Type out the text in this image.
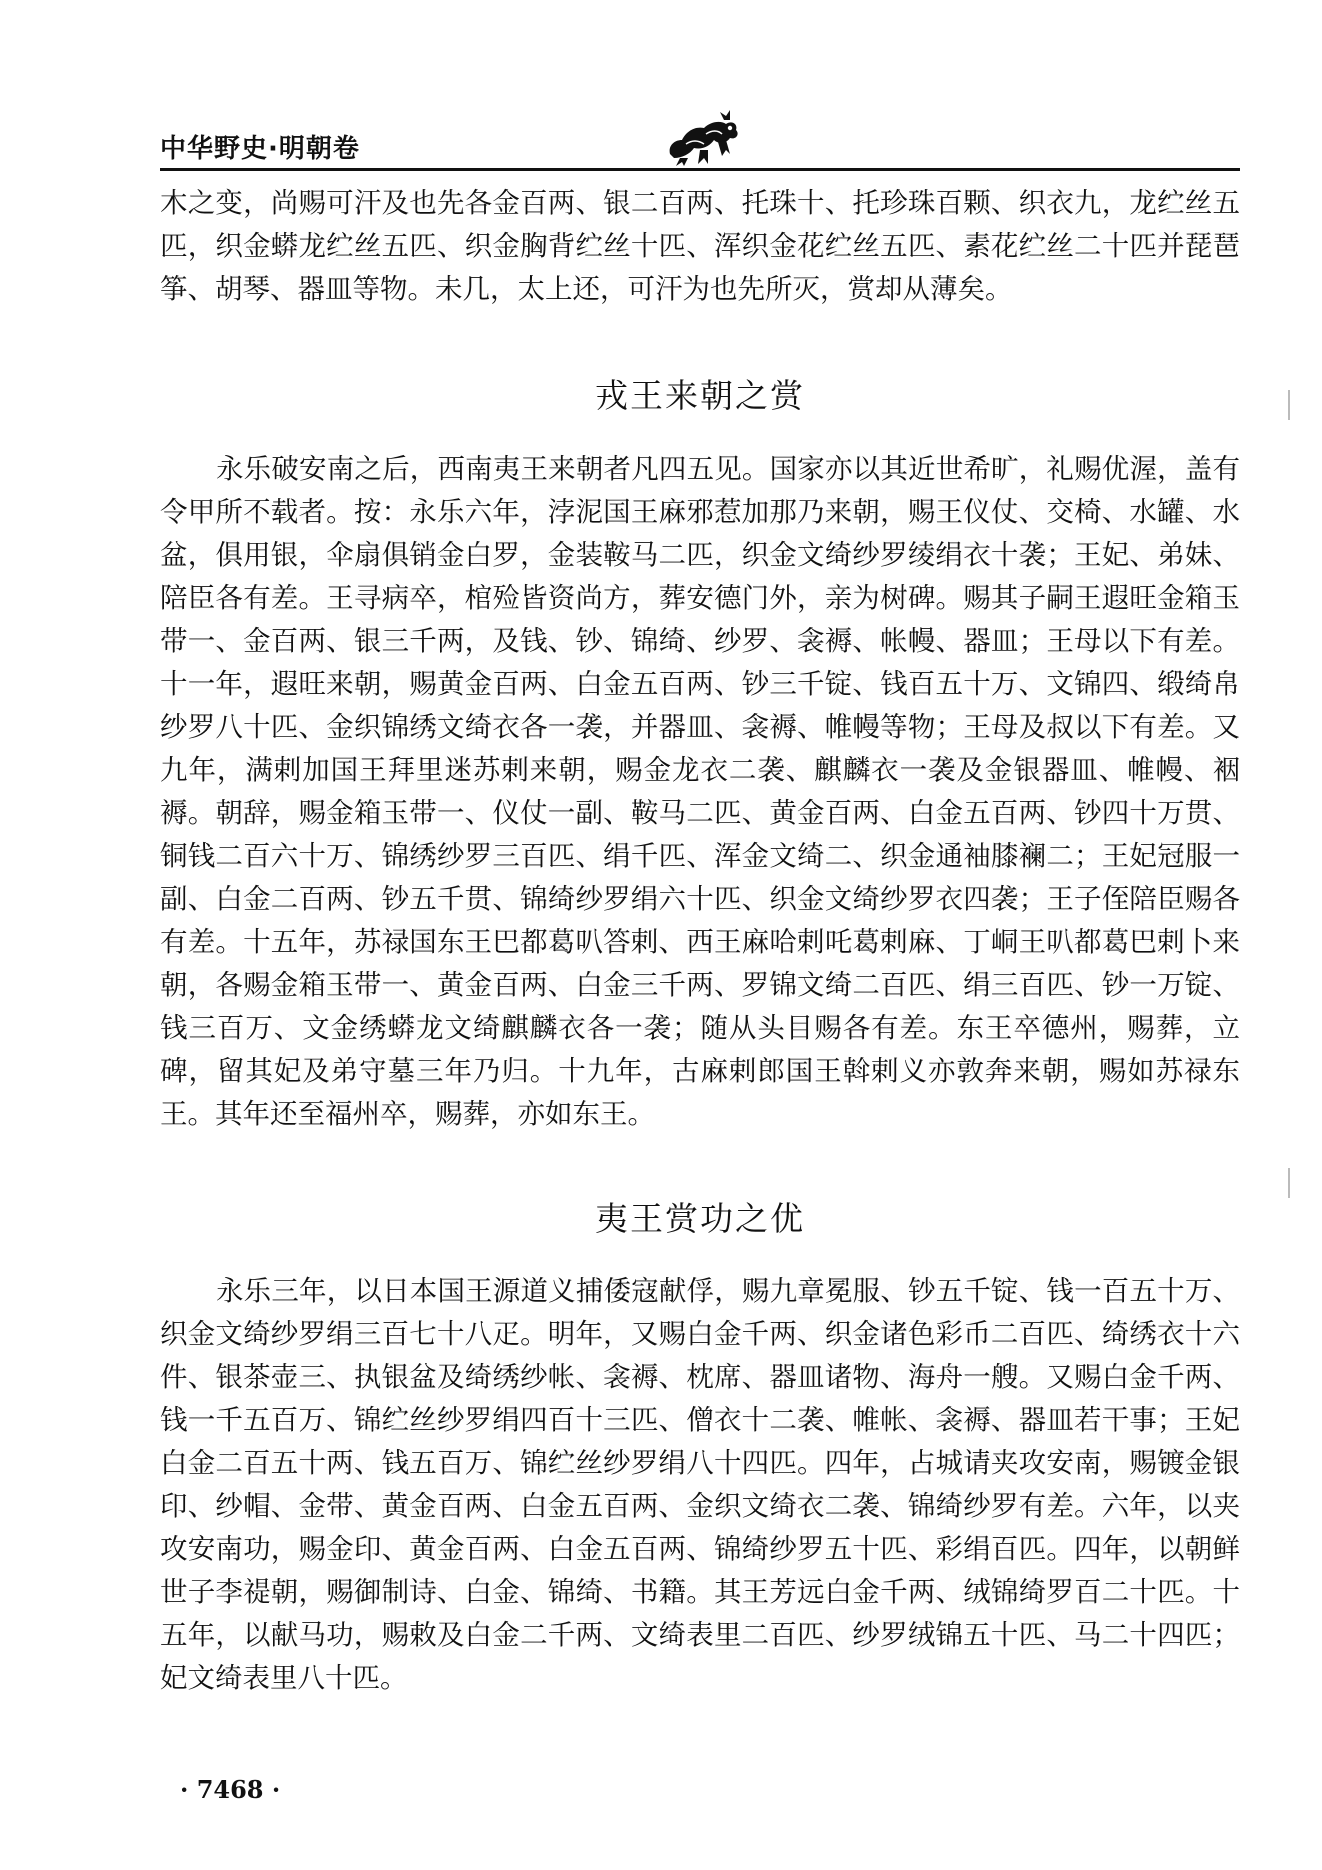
中华野史·明朝卷
木之变，尚赐可汗及也先各金百两、银二百两、托珠十、托珍珠百颗、织衣九，龙纻丝五匹，织金蟒龙纻丝五匹、织金胸背纻丝十匹、浑织金花纻丝五匹、素花纻丝二十匹并琵琶筝、胡琴、器皿等物。未几，太上还，可汗为也先所灭，赏却从薄矣。
戎王来朝之赏
永乐破安南之后，西南夷王来朝者凡四五见。国家亦以其近世希旷，礼赐优渥，盖有令甲所不载者。按：永乐六年，浡泥国王麻邪惹加那乃来朝，赐王仪仗、交椅、水罐、水盆，俱用银，伞扇俱销金白罗，金装鞍马二匹，织金文绮纱罗绫绢衣十袭；王妃、弟妹、陪臣各有差。王寻病卒，棺殓皆资尚方，葬安德门外，亲为树碑。赐其子嗣王遐旺金箱玉带一、金百两、银三千两，及钱、钞、锦绮、纱罗、衾褥、帐幔、器皿；王母以下有差。十一年，遐旺来朝，赐黄金百两、白金五百两、钞三千锭、钱百五十万、文锦四、缎绮帛纱罗八十匹、金织锦绣文绮衣各一袭，并器皿、衾褥、帷幔等物；王母及叔以下有差。又九年，满剌加国王拜里迷苏剌来朝，赐金龙衣二袭、麒麟衣一袭及金银器皿、帷幔、裀褥。朝辞，赐金箱玉带一、仪仗一副、鞍马二匹、黄金百两、白金五百两、钞四十万贯、铜钱二百六十万、锦绣纱罗三百匹、绢千匹、浑金文绮二、织金通袖膝襕二；王妃冠服一副、白金二百两、钞五千贯、锦绮纱罗绢六十匹、织金文绮纱罗衣四袭；王子侄陪臣赐各有差。十五年，苏禄国东王巴都葛叭答剌、西王麻哈剌吒葛剌麻、丁峒王叭都葛巴剌卜来朝，各赐金箱玉带一、黄金百两、白金三千两、罗锦文绮二百匹、绢三百匹、钞一万锭、钱三百万、文金绣蟒龙文绮麒麟衣各一袭；随从头目赐各有差。东王卒德州，赐葬，立碑，留其妃及弟守墓三年乃归。十九年，古麻剌郎国王斡剌义亦敦奔来朝，赐如苏禄东王。其年还至福州卒，赐葬，亦如东王。
夷王赏功之优
永乐三年，以日本国王源道义捕倭寇献俘，赐九章冕服、钞五千锭、钱一百五十万、织金文绮纱罗绢三百七十八疋。明年，又赐白金千两、织金诸色彩币二百匹、绮绣衣十六件、银茶壶三、执银盆及绮绣纱帐、衾褥、枕席、器皿诸物、海舟一艘。又赐白金千两、钱一千五百万、锦纻丝纱罗绢四百十三匹、僧衣十二袭、帷帐、衾褥、器皿若干事；王妃白金二百五十两、钱五百万、锦纻丝纱罗绢八十四匹。四年，占城请夹攻安南，赐镀金银印、纱帽、金带、黄金百两、白金五百两、金织文绮衣二袭、锦绮纱罗有差。六年，以夹攻安南功，赐金印、黄金百两、白金五百两、锦绮纱罗五十匹、彩绢百匹。四年，以朝鲜世子李禔朝，赐御制诗、白金、锦绮、书籍。其王芳远白金千两、绒锦绮罗百二十匹。十五年，以献马功，赐敕及白金二千两、文绮表里二百匹、纱罗绒锦五十匹、马二十四匹；妃文绮表里八十匹。
· 7468 ·
